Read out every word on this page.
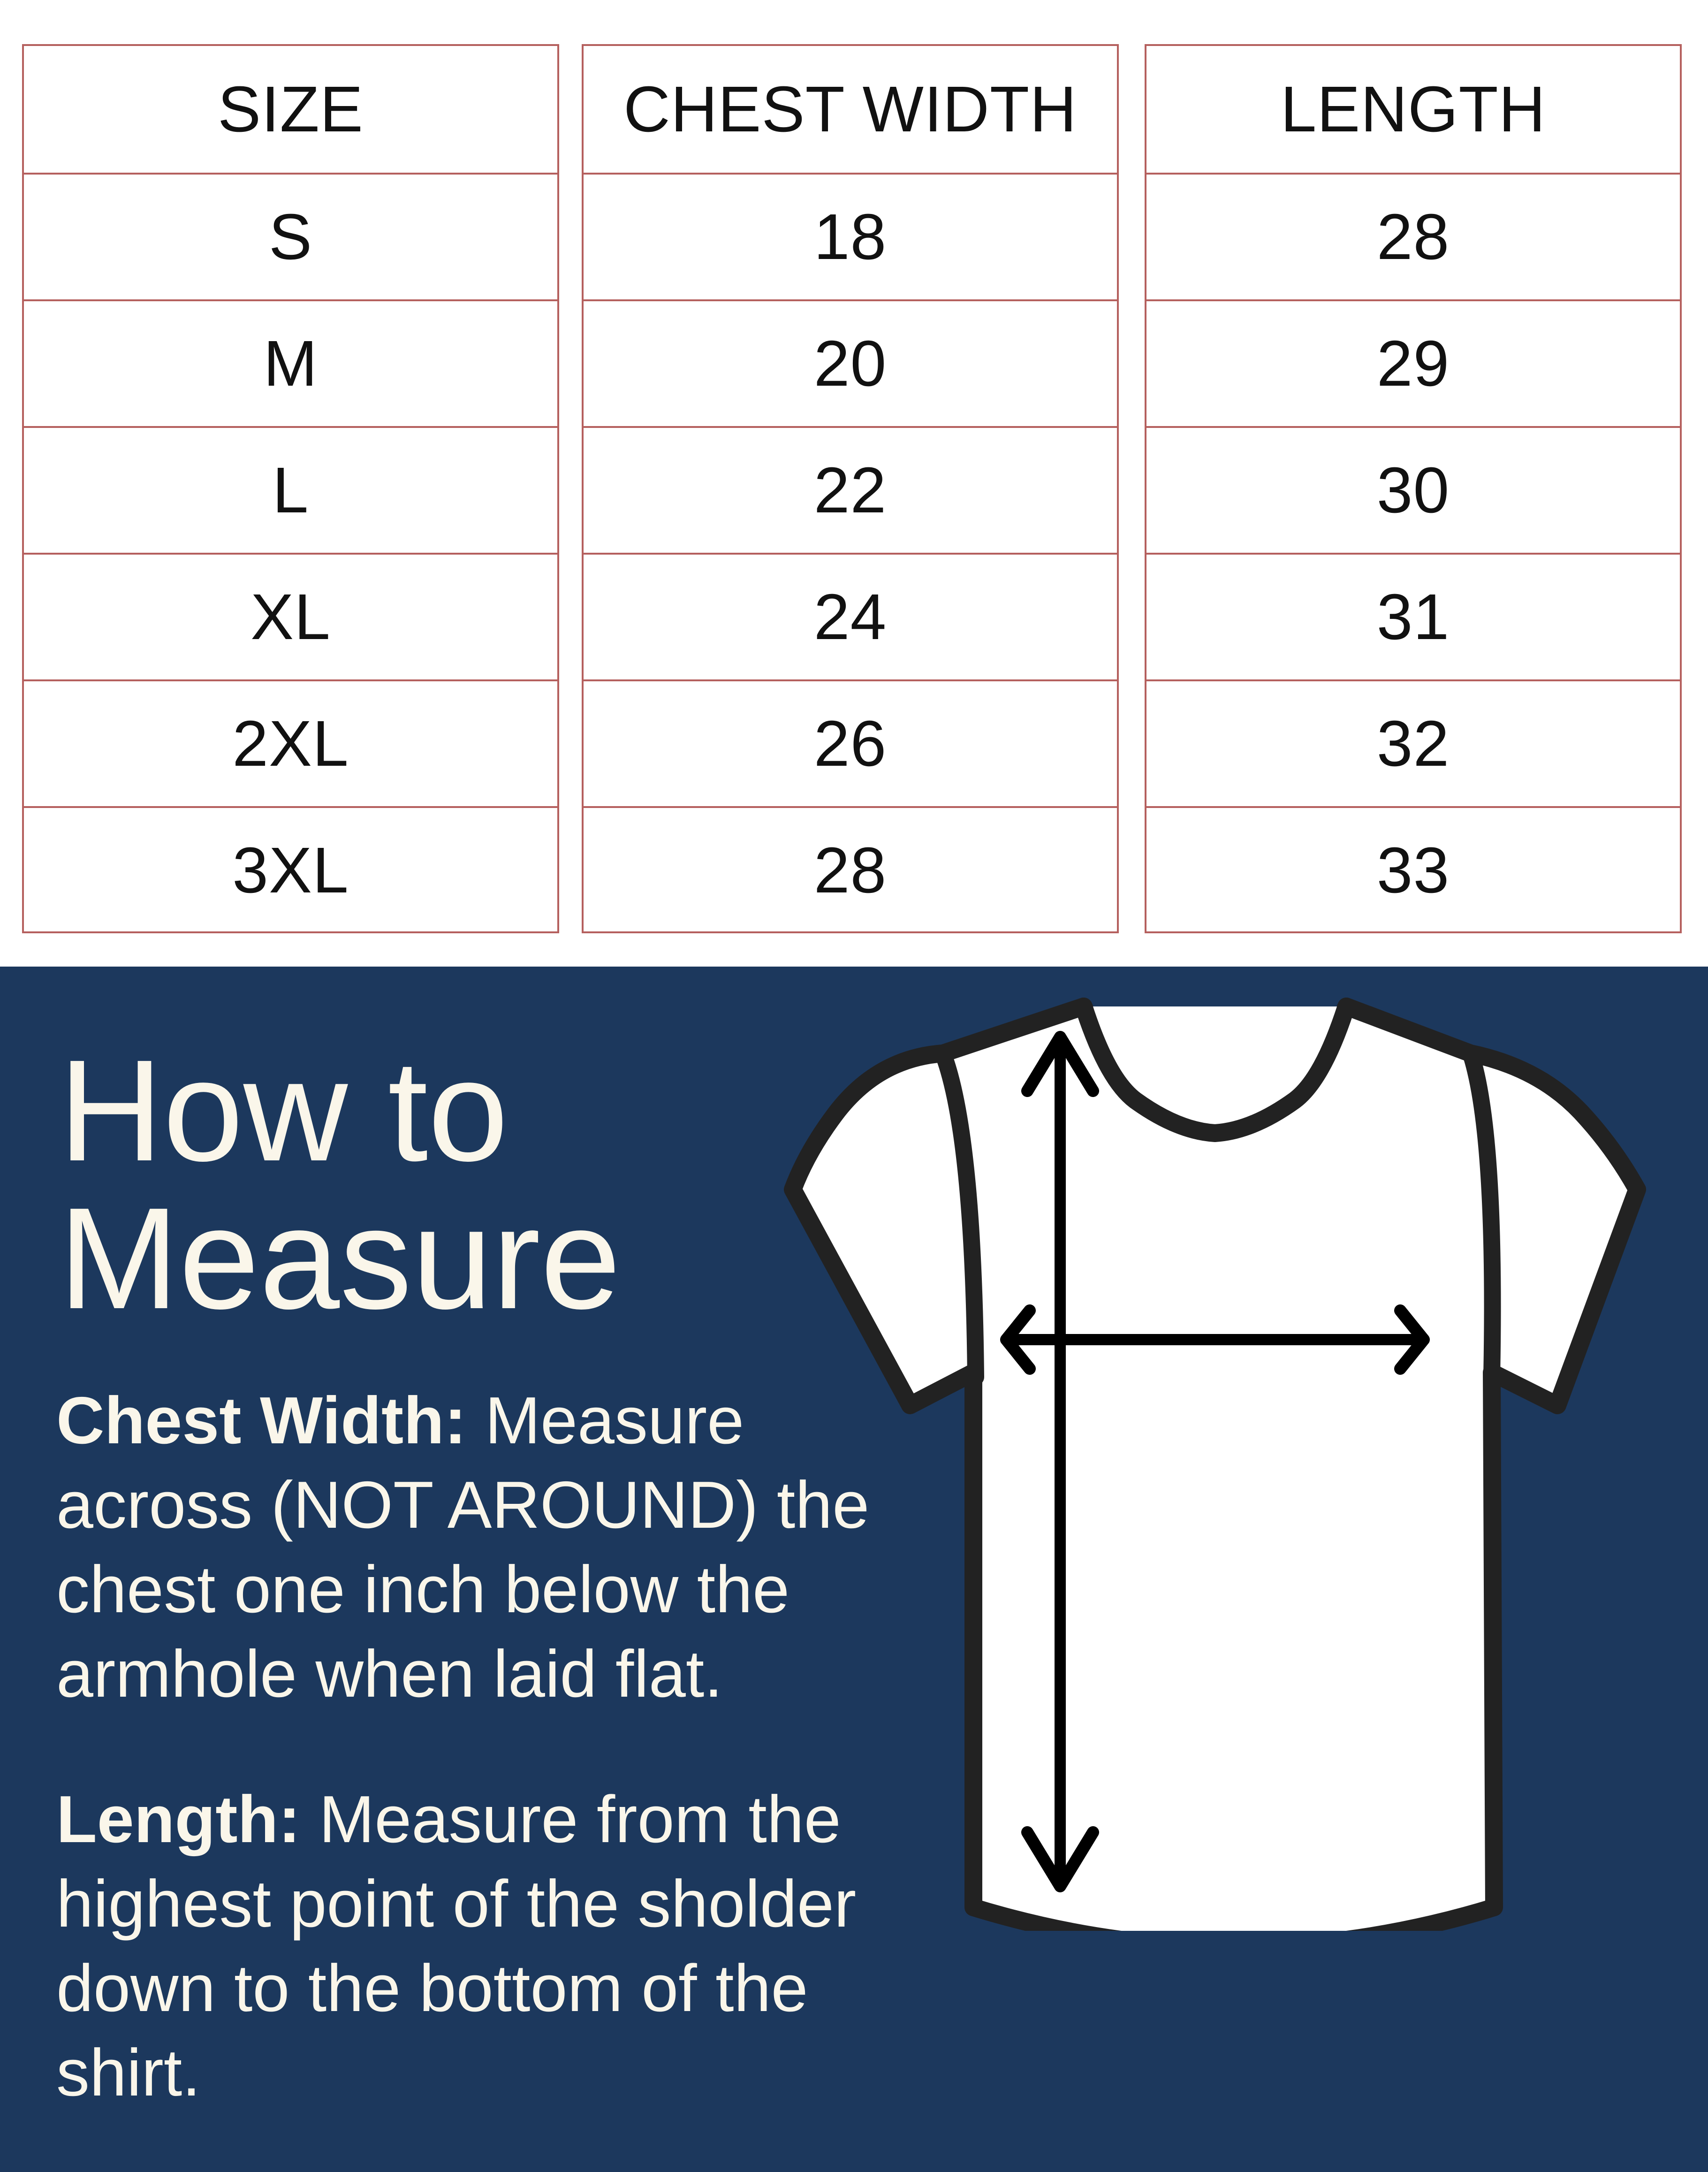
SIZE
S
M
L
XL
2XL
3XL
CHEST WIDTH
18
20
22
24
26
28
LENGTH
28
29
30
31
32
33
How to
Measure

Chest Width: Measure across (NOT AROUND) the chest one inch below the armhole when laid flat.

Length: Measure from the highest point of the sholder down to the bottom of the shirt.
